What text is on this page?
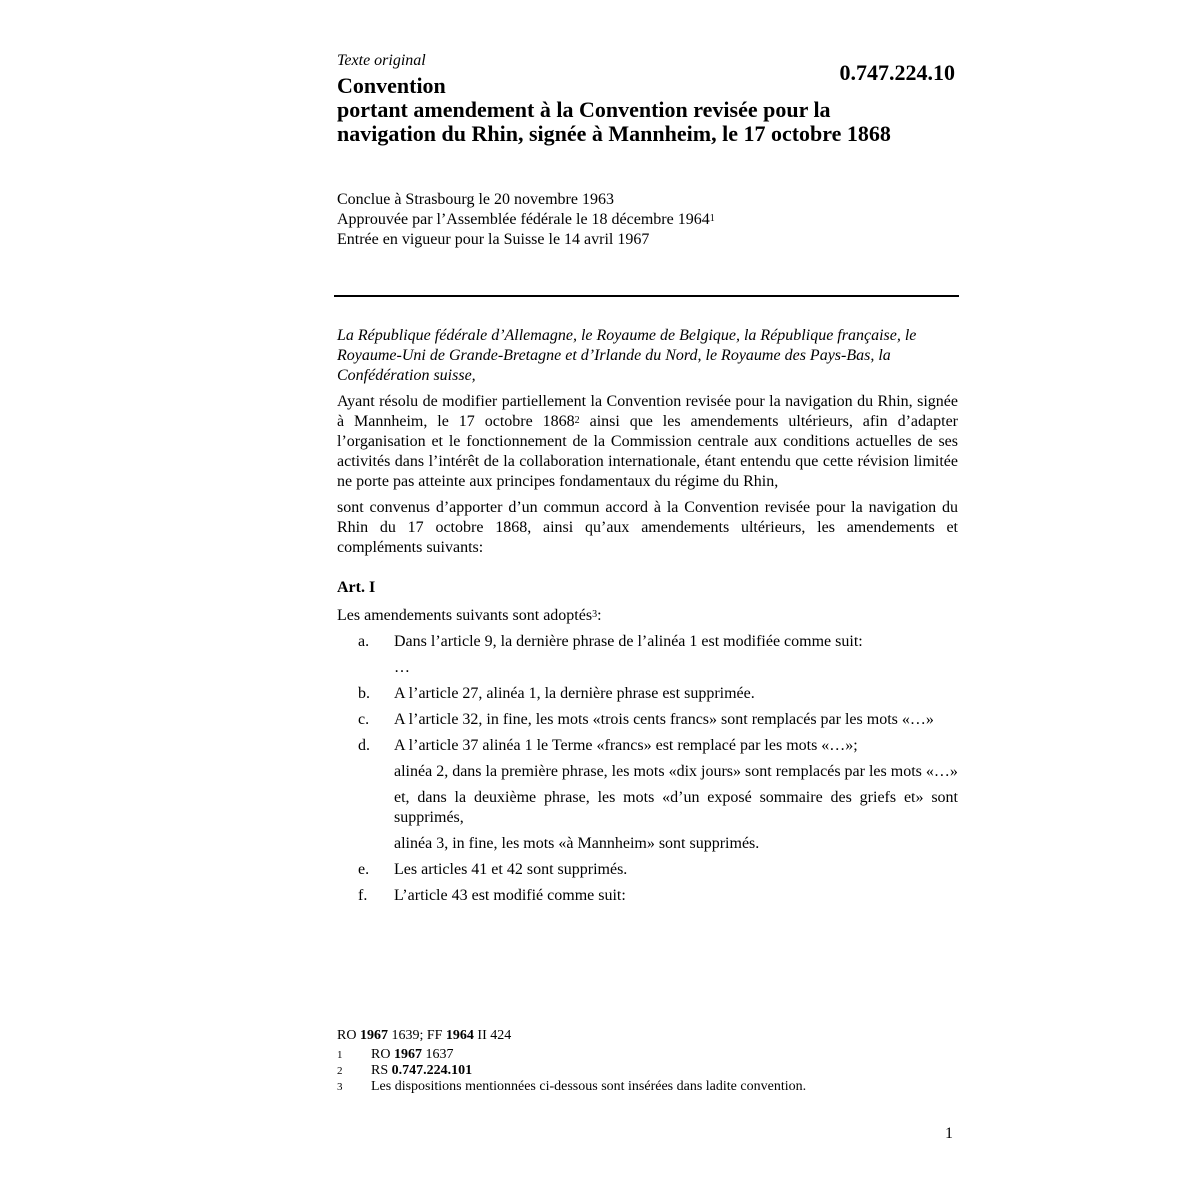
Texte original	0.747.224.10
Convention
portant amendement à la Convention revisée pour la
navigation du Rhin, signée à Mannheim, le 17 octobre 1868
Conclue à Strasbourg le 20 novembre 1963
Approuvée par l’Assemblée fédérale le 18 décembre 1964$^1$
Entrée en vigueur pour la Suisse le 14 avril 1967

La République fédérale d’Allemagne, le Royaume de Belgique, la République française, le Royaume-Uni de Grande-Bretagne et d’Irlande du Nord, le Royaume des Pays-Bas, la Confédération suisse,

Ayant résolu de modifier partiellement la Convention revisée pour la navigation du Rhin, signée à Mannheim, le 17 octobre 1868$^2$ ainsi que les amendements ultérieurs, afin d’adapter l’organisation et le fonctionnement de la Commission centrale aux conditions actuelles de ses activités dans l’intérêt de la collaboration internationale, étant entendu que cette révision limitée ne porte pas atteinte aux principes fondamentaux du régime du Rhin,

sont convenus d’apporter d’un commun accord à la Convention revisée pour la navigation du Rhin du 17 octobre 1868, ainsi qu’aux amendements ultérieurs, les amendements et compléments suivants:

Art. I

Les amendements suivants sont adoptés$^3$:

a.	Dans l’article 9, la dernière phrase de l’alinéa 1 est modifiée comme suit:
…
b.	A l’article 27, alinéa 1, la dernière phrase est supprimée.
c.	A l’article 32, in fine, les mots «trois cents francs» sont remplacés par les mots «…»
d.	A l’article 37 alinéa 1 le Terme «francs» est remplacé par les mots «…»;
alinéa 2, dans la première phrase, les mots «dix jours» sont remplacés par les mots «…»
et, dans la deuxième phrase, les mots «d’un exposé sommaire des griefs et» sont supprimés,
alinéa 3, in fine, les mots «à Mannheim» sont supprimés.
e.	Les articles 41 et 42 sont supprimés.
f.	L’article 43 est modifié comme suit:
RO 1967 1639; FF 1964 II 424
1	RO 1967 1637
2	RS 0.747.224.101
3	Les dispositions mentionnées ci-dessous sont insérées dans ladite convention.
1
